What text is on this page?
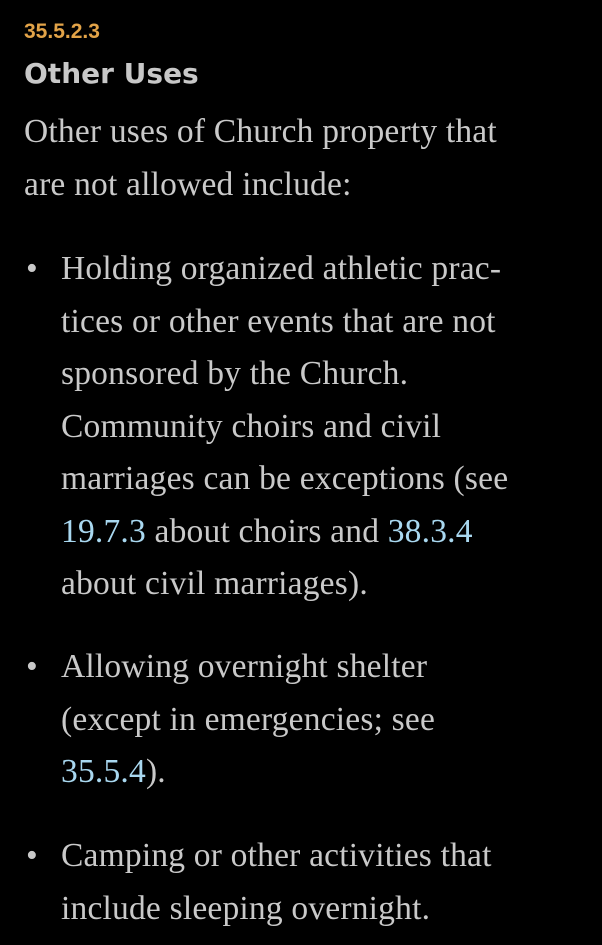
35.5.2.3
Other Uses

Other uses of Church property that
are not allowed include:

• Holding organized athletic prac-
tices or other events that are not
sponsored by the Church.
Community choirs and civil
marriages can be exceptions (see
19.7.3 about choirs and 38.3.4
about civil marriages).

• Allowing overnight shelter
(except in emergencies; see
35.5.4).

• Camping or other activities that
include sleeping overnight.
